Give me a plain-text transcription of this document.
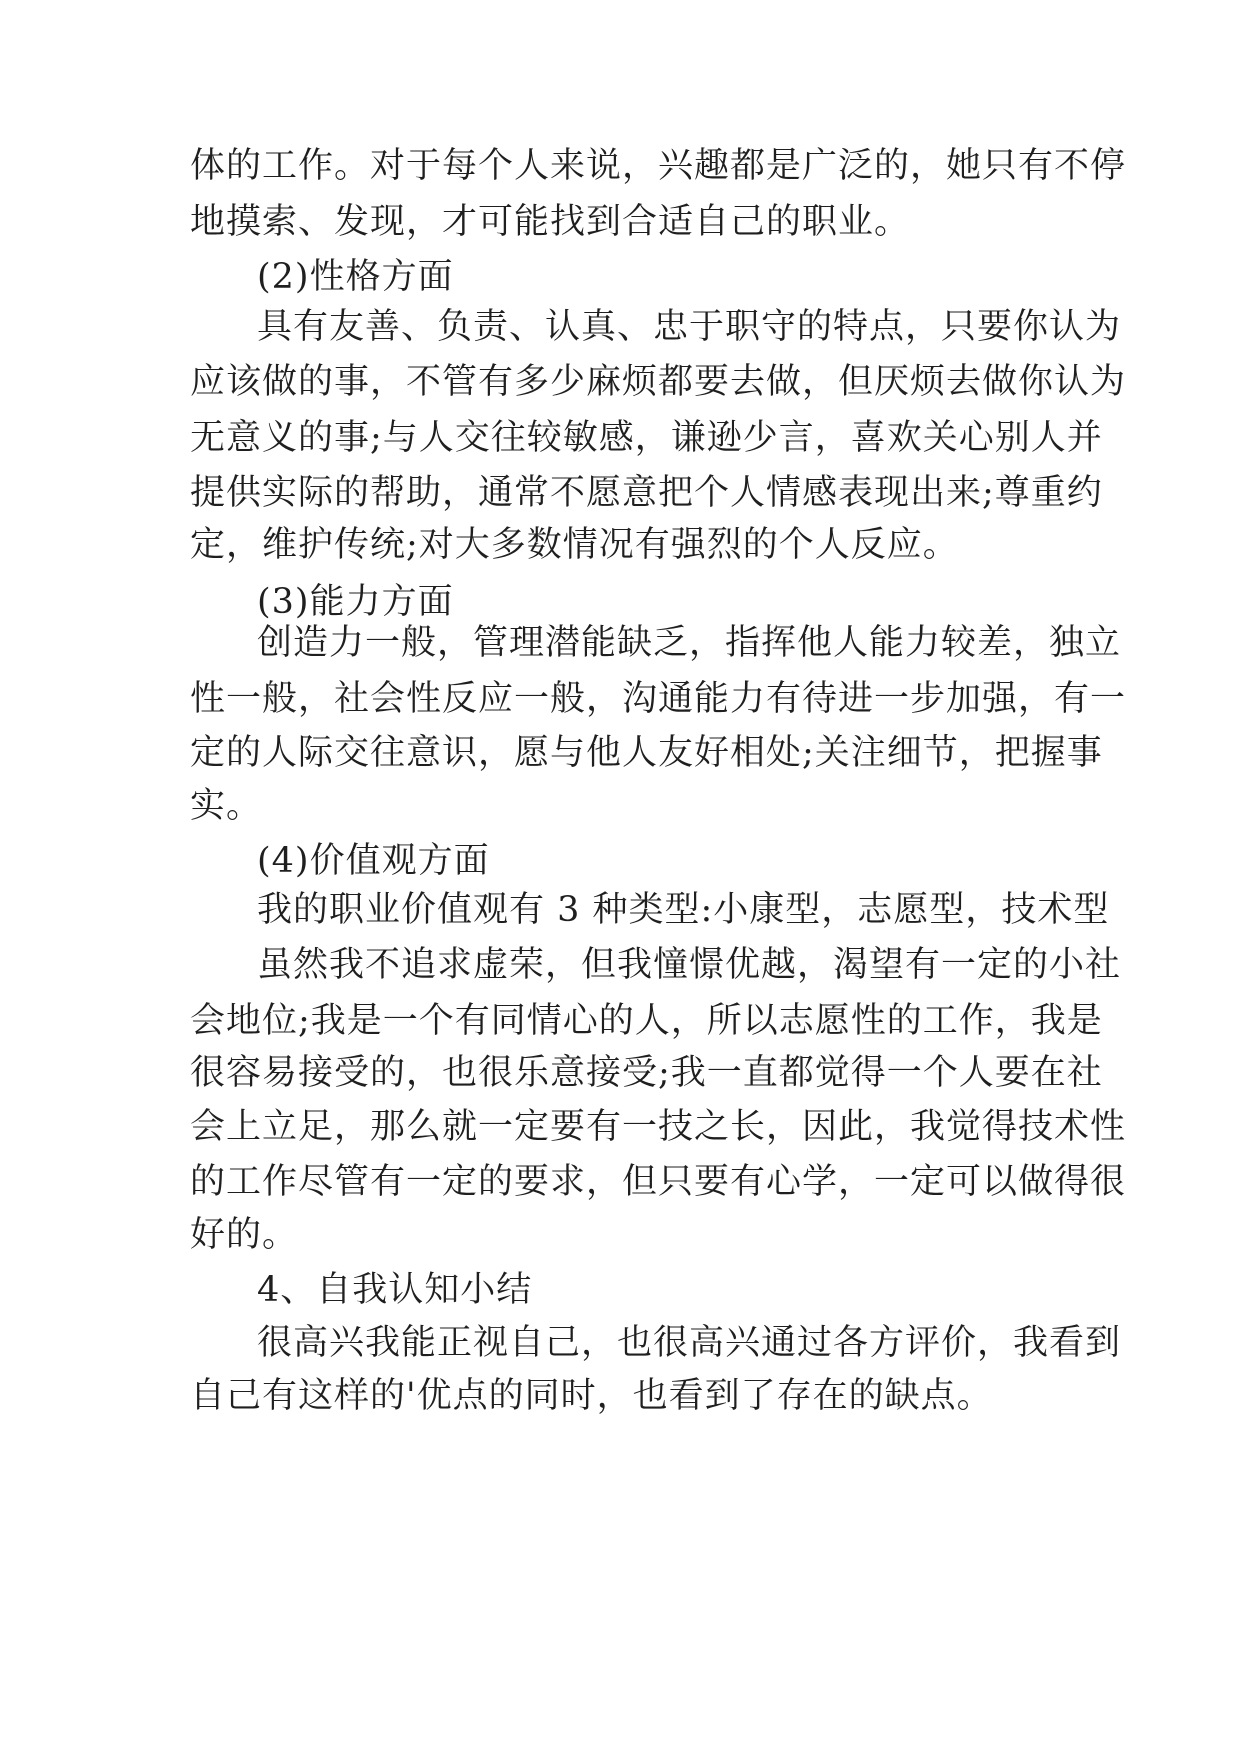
体的工作。对于每个人来说，兴趣都是广泛的，她只有不停
地摸索、发现，才可能找到合适自己的职业。
(2)性格方面
具有友善、负责、认真、忠于职守的特点，只要你认为
应该做的事，不管有多少麻烦都要去做，但厌烦去做你认为
无意义的事;与人交往较敏感，谦逊少言，喜欢关心别人并
提供实际的帮助，通常不愿意把个人情感表现出来;尊重约
定，维护传统;对大多数情况有强烈的个人反应。
(3)能力方面
创造力一般，管理潜能缺乏，指挥他人能力较差，独立
性一般，社会性反应一般，沟通能力有待进一步加强，有一
定的人际交往意识，愿与他人友好相处;关注细节，把握事
实。
(4)价值观方面
我的职业价值观有 3 种类型:小康型，志愿型，技术型
虽然我不追求虚荣，但我憧憬优越，渴望有一定的小社
会地位;我是一个有同情心的人，所以志愿性的工作，我是
很容易接受的，也很乐意接受;我一直都觉得一个人要在社
会上立足，那么就一定要有一技之长，因此，我觉得技术性
的工作尽管有一定的要求，但只要有心学，一定可以做得很
好的。
4、自我认知小结
很高兴我能正视自己，也很高兴通过各方评价，我看到
自己有这样的'优点的同时，也看到了存在的缺点。
